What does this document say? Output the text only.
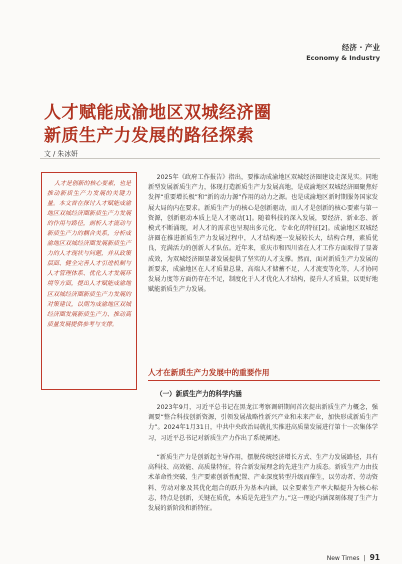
经济 · 产业
Economy & Industry
人才赋能成渝地区双城经济圈
新质生产力发展的路径探索
文 / 朱冰妍
人才是创新的核心要素，也是推动新质生产力发展的关键力量。本文首在探讨人才赋能成渝地区双城经济圈新质生产力发展的作用与路径，剖析人才流动与新质生产力的耦合关系，分析成渝地区双城经济圈发展新质生产力的人才现状与问题，并从政策层面、健全完善人才引进机制与人才管理体系、优化人才发展环境等方面，提出人才赋能成渝地区双城经济圈新质生产力发展的对策建议，以期为成渝地区双城经济圈发展新质生产力、推动高质量发展提供参考与支撑。

2025年《政府工作报告》指出，要推动成渝地区双城经济圈建设走深见实。同地新型发展新质生产力，体现打造新质生产力发展高地，是成渝地区双城经济圈聚焦好发挥“重要增长极”和“新的动力源”作用的动力之源。也是成渝地区新时期服务国家发展大局的内在要求。新质生产力的核心是创新驱动，而人才是创新的核心要素与第一资源，创新驱动本质上是人才驱动[1]。随着科技的深入发展，要经济、新业态、新模式不断涌现，对人才的需求也呈现出多元化、专业化的特征[2]。成渝地区双城经济圈在推进新质生产力发展过程中，人才结构逐一发展较长大，结构合理，素质优良，充满活力的创新人才队伍。近年来，重庆市和四川省在人才工作方面取得了显著成效，为双城经济圈显著发展提供了坚实的人才支撑。然而，面对新质生产力发展的新要求，成渝地区在人才质量总量，高端人才储蓄不足，人才流变等化等，人才协同发展力度等方面仍存在不足，制度化于人才优化人才结构，提升人才质量，以更好地赋能新质生产力发展。

人才在新质生产力发展中的重要作用
（一）新质生产力的科学内涵

2023年9月，习近平总书记在黑龙江考察调研期间首次提出新质生产力概念，强调要“整合科技创新资源，引领发展战略性新兴产业和未来产业，加快形成新质生产力”。2024年1月31日，中共中央政治局就扎实推进高质量发展进行第十一次集体学习，习近平总书记对新质生产力作出了系统阐述。

“新质生产力是创新起主导作用，摆脱传统经济增长方式、生产力发展路径，具有高科技、高效能、高质量特征，符合新发展理念的先进生产力质态。新质生产力由技术革命性突破、生产要素创新性配置、产业深度转型升级而催生，以劳动者、劳动资料、劳动对象及其优化组合的跃升为基本内涵，以全要素生产率大幅提升为核心标志，特点是创新，关键在质优，本质是先进生产力。”这一理论内涵深刻体现了生产力发展的新阶段和新特征。

New Times | 91
